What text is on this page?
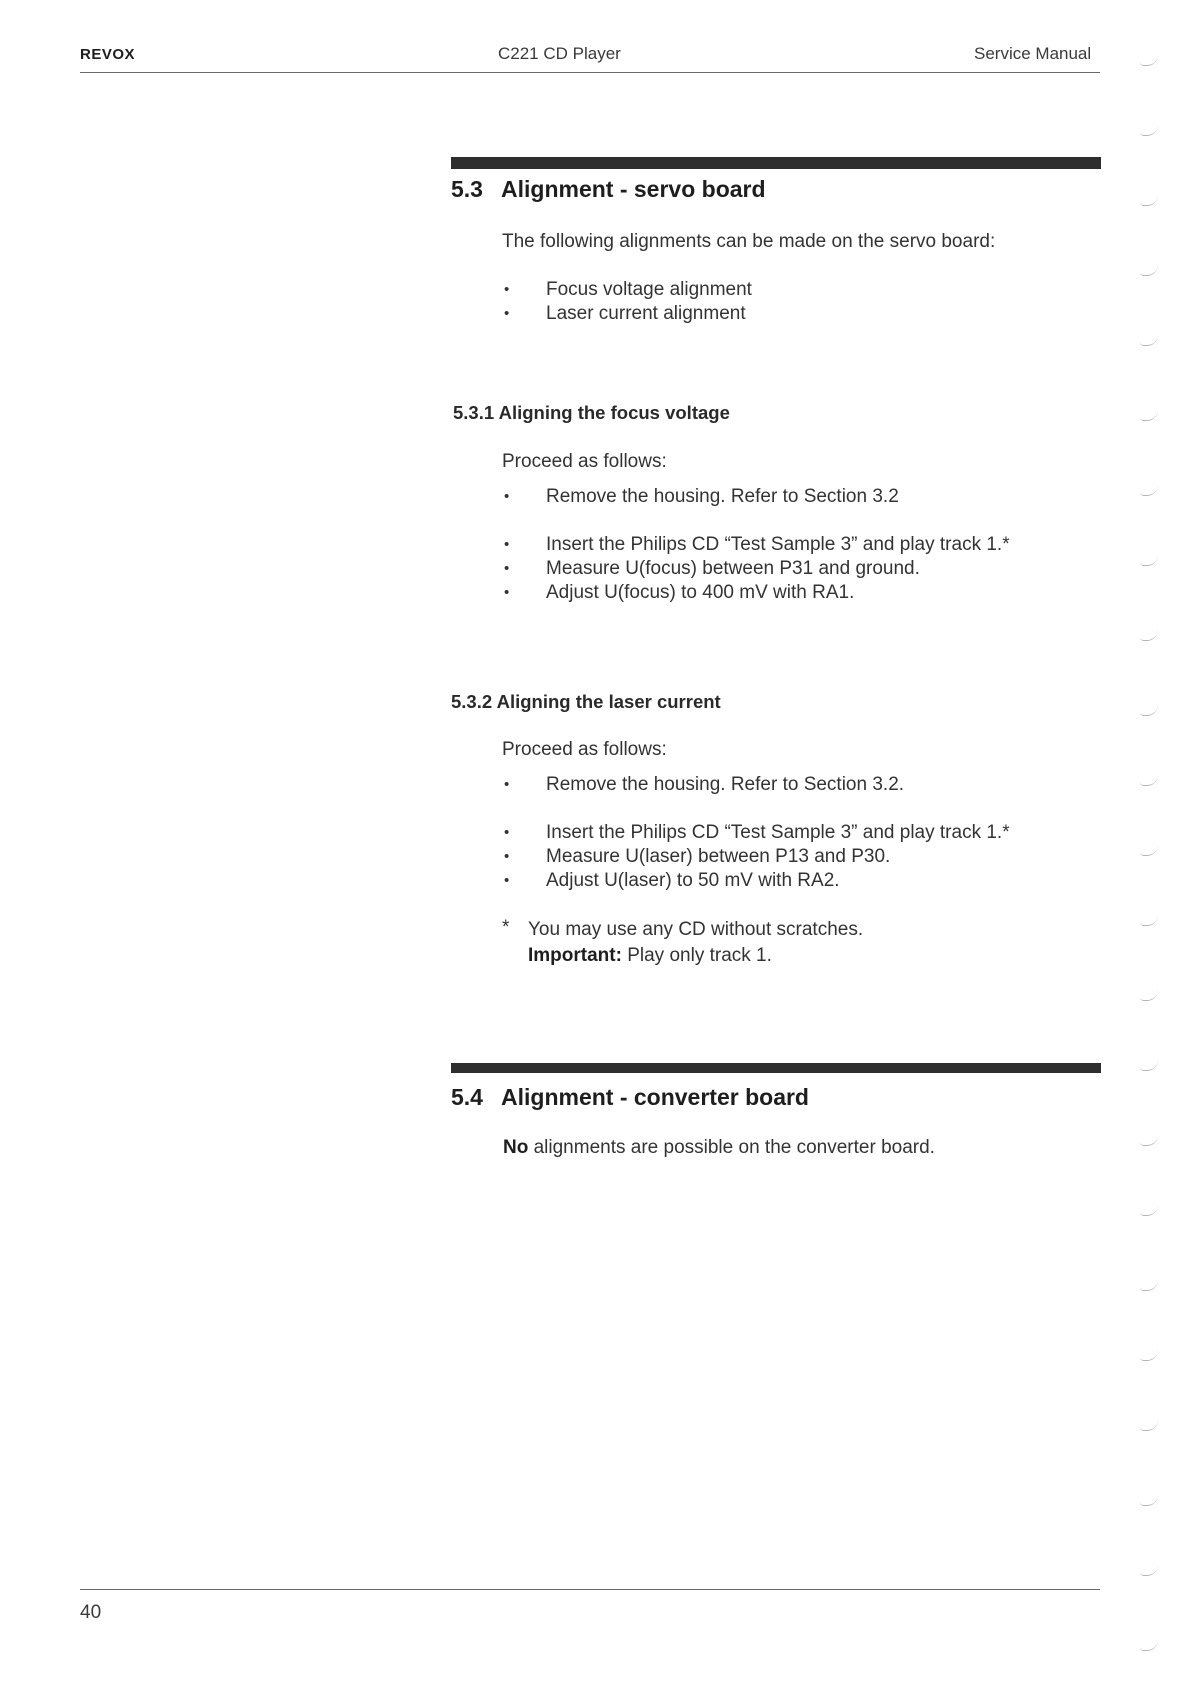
REVOX	C221 CD Player	Service Manual
5.3 Alignment - servo board
The following alignments can be made on the servo board:
• Focus voltage alignment
• Laser current alignment
5.3.1 Aligning the focus voltage
Proceed as follows:
• Remove the housing. Refer to Section 3.2
• Insert the Philips CD “Test Sample 3” and play track 1.*
• Measure U(focus) between P31 and ground.
• Adjust U(focus) to 400 mV with RA1.
5.3.2 Aligning the laser current
Proceed as follows:
• Remove the housing. Refer to Section 3.2.
• Insert the Philips CD “Test Sample 3” and play track 1.*
• Measure U(laser) between P13 and P30.
• Adjust U(laser) to 50 mV with RA2.
* You may use any CD without scratches.
Important: Play only track 1.
5.4 Alignment - converter board
No alignments are possible on the converter board.
40
